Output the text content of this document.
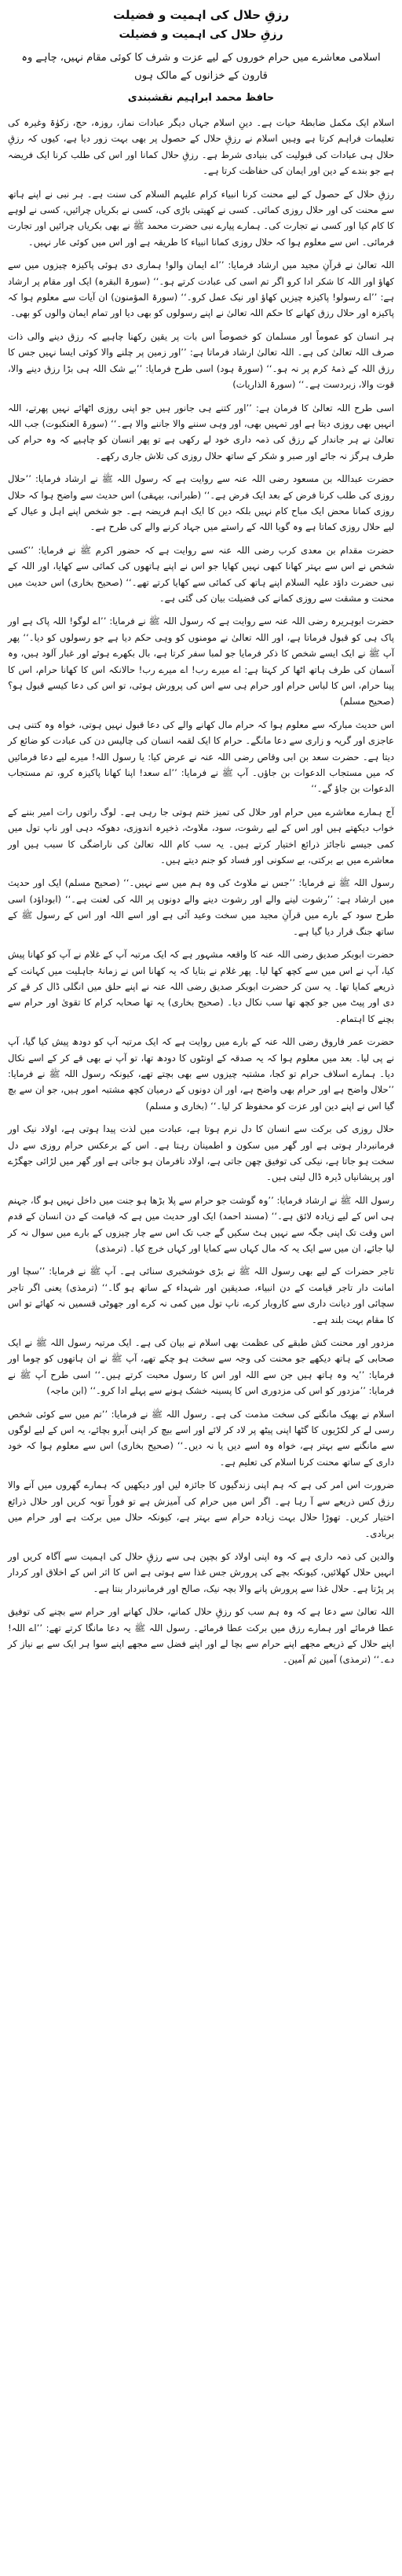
رزقِ حلال کی اہمیت و فضیلت
رزقِ حلال کی اہمیت و فضیلت
اسلامی معاشرے میں حرام خوروں کے لیے عزت و شرف کا کوئی مقام نہیں، چاہے وہ قارون کے خزانوں کے مالک ہوں
حافظ محمد ابراہیم نقشبندی

اسلام ایک مکمل ضابطۂ حیات ہے۔ دینِ اسلام جہاں دیگر عبادات نماز، روزہ، حج، زکوٰۃ وغیرہ کی تعلیمات فراہم کرتا ہے وہیں اسلام نے رزقِ حلال کے حصول پر بھی بہت زور دیا ہے، کیوں کہ رزقِ حلال ہی عبادات کی قبولیت کی بنیادی شرط ہے۔ رزقِ حلال کمانا اور اس کی طلب کرنا ایک فریضہ ہے جو بندے کے دین اور ایمان کی حفاظت کرتا ہے۔

رزقِ حلال کے حصول کے لیے محنت کرنا انبیاء کرام علیہم السلام کی سنت ہے۔ ہر نبی نے اپنے ہاتھ سے محنت کی اور حلال روزی کمائی۔ کسی نے کھیتی باڑی کی، کسی نے بکریاں چرائیں، کسی نے لوہے کا کام کیا اور کسی نے تجارت کی۔ ہمارے پیارے نبی حضرت محمد ﷺ نے بھی بکریاں چرائیں اور تجارت فرمائی۔ اس سے معلوم ہوا کہ حلال روزی کمانا انبیاء کا طریقہ ہے اور اس میں کوئی عار نہیں۔

اللہ تعالیٰ نے قرآنِ مجید میں ارشاد فرمایا: ’’اے ایمان والو! ہماری دی ہوئی پاکیزہ چیزوں میں سے کھاؤ اور اللہ کا شکر ادا کرو اگر تم اسی کی عبادت کرتے ہو۔‘‘ (سورۃ البقرہ) ایک اور مقام پر ارشاد ہے: ’’اے رسولو! پاکیزہ چیزیں کھاؤ اور نیک عمل کرو۔‘‘ (سورۃ المؤمنون) ان آیات سے معلوم ہوا کہ پاکیزہ اور حلال رزق کھانے کا حکم اللہ تعالیٰ نے اپنے رسولوں کو بھی دیا اور تمام ایمان والوں کو بھی۔

ہر انسان کو عموماً اور مسلمان کو خصوصاً اس بات پر یقین رکھنا چاہیے کہ رزق دینے والی ذات صرف اللہ تعالیٰ کی ہے۔ اللہ تعالیٰ ارشاد فرماتا ہے: ’’اور زمین پر چلنے والا کوئی ایسا نہیں جس کا رزق اللہ کے ذمۂ کرم پر نہ ہو۔‘‘ (سورۃ ہود) اسی طرح فرمایا: ’’بے شک اللہ ہی بڑا رزق دینے والا، قوت والا، زبردست ہے۔‘‘ (سورۃ الذاریات)

اسی طرح اللہ تعالیٰ کا فرمان ہے: ’’اور کتنے ہی جانور ہیں جو اپنی روزی اٹھائے نہیں پھرتے، اللہ انہیں بھی روزی دیتا ہے اور تمہیں بھی، اور وہی سننے والا جاننے والا ہے۔‘‘ (سورۃ العنکبوت) جب اللہ تعالیٰ نے ہر جاندار کے رزق کی ذمہ داری خود لے رکھی ہے تو پھر انسان کو چاہیے کہ وہ حرام کی طرف ہرگز نہ جائے اور صبر و شکر کے ساتھ حلال روزی کی تلاش جاری رکھے۔

حضرت عبداللہ بن مسعود رضی اللہ عنہ سے روایت ہے کہ رسول اللہ ﷺ نے ارشاد فرمایا: ’’حلال روزی کی طلب کرنا فرض کے بعد ایک فرض ہے۔‘‘ (طبرانی، بیہقی) اس حدیث سے واضح ہوا کہ حلال روزی کمانا محض ایک مباح کام نہیں بلکہ دین کا ایک اہم فریضہ ہے۔ جو شخص اپنے اہل و عیال کے لیے حلال روزی کماتا ہے وہ گویا اللہ کے راستے میں جہاد کرنے والے کی طرح ہے۔

حضرت مقدام بن معدی کرب رضی اللہ عنہ سے روایت ہے کہ حضور اکرم ﷺ نے فرمایا: ’’کسی شخص نے اس سے بہتر کھانا کبھی نہیں کھایا جو اس نے اپنے ہاتھوں کی کمائی سے کھایا، اور اللہ کے نبی حضرت داؤد علیہ السلام اپنے ہاتھ کی کمائی سے کھایا کرتے تھے۔‘‘ (صحیح بخاری) اس حدیث میں محنت و مشقت سے روزی کمانے کی فضیلت بیان کی گئی ہے۔

حضرت ابوہریرہ رضی اللہ عنہ سے روایت ہے کہ رسول اللہ ﷺ نے فرمایا: ’’اے لوگو! اللہ پاک ہے اور پاک ہی کو قبول فرماتا ہے، اور اللہ تعالیٰ نے مومنوں کو وہی حکم دیا ہے جو رسولوں کو دیا۔‘‘ پھر آپ ﷺ نے ایک ایسے شخص کا ذکر فرمایا جو لمبا سفر کرتا ہے، بال بکھرے ہوئے اور غبار آلود ہیں، وہ آسمان کی طرف ہاتھ اٹھا کر کہتا ہے: اے میرے رب! اے میرے رب! حالانکہ اس کا کھانا حرام، اس کا پینا حرام، اس کا لباس حرام اور حرام ہی سے اس کی پرورش ہوئی، تو اس کی دعا کیسے قبول ہو؟ (صحیح مسلم)

اس حدیث مبارکہ سے معلوم ہوا کہ حرام مال کھانے والے کی دعا قبول نہیں ہوتی، خواہ وہ کتنی ہی عاجزی اور گریہ و زاری سے دعا مانگے۔ حرام کا ایک لقمہ انسان کی چالیس دن کی عبادت کو ضائع کر دیتا ہے۔ حضرت سعد بن ابی وقاص رضی اللہ عنہ نے عرض کیا: یا رسول اللہ! میرے لیے دعا فرمائیں کہ میں مستجاب الدعوات بن جاؤں۔ آپ ﷺ نے فرمایا: ’’اے سعد! اپنا کھانا پاکیزہ کرو، تم مستجاب الدعوات بن جاؤ گے۔‘‘

آج ہمارے معاشرے میں حرام اور حلال کی تمیز ختم ہوتی جا رہی ہے۔ لوگ راتوں رات امیر بننے کے خواب دیکھتے ہیں اور اس کے لیے رشوت، سود، ملاوٹ، ذخیرہ اندوزی، دھوکہ دہی اور ناپ تول میں کمی جیسے ناجائز ذرائع اختیار کرتے ہیں۔ یہ سب کام اللہ تعالیٰ کی ناراضگی کا سبب ہیں اور معاشرے میں بے برکتی، بے سکونی اور فساد کو جنم دیتے ہیں۔

رسول اللہ ﷺ نے فرمایا: ’’جس نے ملاوٹ کی وہ ہم میں سے نہیں۔‘‘ (صحیح مسلم) ایک اور حدیث میں ارشاد ہے: ’’رشوت لینے والے اور رشوت دینے والے دونوں پر اللہ کی لعنت ہے۔‘‘ (ابوداؤد) اسی طرح سود کے بارے میں قرآنِ مجید میں سخت وعید آئی ہے اور اسے اللہ اور اس کے رسول ﷺ کے ساتھ جنگ قرار دیا گیا ہے۔

حضرت ابوبکر صدیق رضی اللہ عنہ کا واقعہ مشہور ہے کہ ایک مرتبہ آپ کے غلام نے آپ کو کھانا پیش کیا، آپ نے اس میں سے کچھ کھا لیا۔ پھر غلام نے بتایا کہ یہ کھانا اس نے زمانۂ جاہلیت میں کہانت کے ذریعے کمایا تھا۔ یہ سن کر حضرت ابوبکر صدیق رضی اللہ عنہ نے اپنے حلق میں انگلی ڈال کر قے کر دی اور پیٹ میں جو کچھ تھا سب نکال دیا۔ (صحیح بخاری) یہ تھا صحابہ کرام کا تقویٰ اور حرام سے بچنے کا اہتمام۔

حضرت عمر فاروق رضی اللہ عنہ کے بارے میں روایت ہے کہ ایک مرتبہ آپ کو دودھ پیش کیا گیا، آپ نے پی لیا۔ بعد میں معلوم ہوا کہ یہ صدقہ کے اونٹوں کا دودھ تھا، تو آپ نے بھی قے کر کے اسے نکال دیا۔ ہمارے اسلاف حرام تو کجا، مشتبہ چیزوں سے بھی بچتے تھے، کیونکہ رسول اللہ ﷺ نے فرمایا: ’’حلال واضح ہے اور حرام بھی واضح ہے، اور ان دونوں کے درمیان کچھ مشتبہ امور ہیں، جو ان سے بچ گیا اس نے اپنے دین اور عزت کو محفوظ کر لیا۔‘‘ (بخاری و مسلم)

حلال روزی کی برکت سے انسان کا دل نرم ہوتا ہے، عبادت میں لذت پیدا ہوتی ہے، اولاد نیک اور فرمانبردار ہوتی ہے اور گھر میں سکون و اطمینان رہتا ہے۔ اس کے برعکس حرام روزی سے دل سخت ہو جاتا ہے، نیکی کی توفیق چھن جاتی ہے، اولاد نافرمان ہو جاتی ہے اور گھر میں لڑائی جھگڑے اور پریشانیاں ڈیرہ ڈال لیتی ہیں۔

رسول اللہ ﷺ نے ارشاد فرمایا: ’’وہ گوشت جو حرام سے پلا بڑھا ہو جنت میں داخل نہیں ہو گا، جہنم ہی اس کے لیے زیادہ لائق ہے۔‘‘ (مسند احمد) ایک اور حدیث میں ہے کہ قیامت کے دن انسان کے قدم اس وقت تک اپنی جگہ سے نہیں ہٹ سکیں گے جب تک اس سے چار چیزوں کے بارے میں سوال نہ کر لیا جائے، ان میں سے ایک یہ کہ مال کہاں سے کمایا اور کہاں خرچ کیا۔ (ترمذی)

تاجر حضرات کے لیے بھی رسول اللہ ﷺ نے بڑی خوشخبری سنائی ہے۔ آپ ﷺ نے فرمایا: ’’سچا اور امانت دار تاجر قیامت کے دن انبیاء، صدیقین اور شہداء کے ساتھ ہو گا۔‘‘ (ترمذی) یعنی اگر تاجر سچائی اور دیانت داری سے کاروبار کرے، ناپ تول میں کمی نہ کرے اور جھوٹی قسمیں نہ کھائے تو اس کا مقام بہت بلند ہے۔

مزدور اور محنت کش طبقے کی عظمت بھی اسلام نے بیان کی ہے۔ ایک مرتبہ رسول اللہ ﷺ نے ایک صحابی کے ہاتھ دیکھے جو محنت کی وجہ سے سخت ہو چکے تھے، آپ ﷺ نے ان ہاتھوں کو چوما اور فرمایا: ’’یہ وہ ہاتھ ہیں جن سے اللہ اور اس کا رسول محبت کرتے ہیں۔‘‘ اسی طرح آپ ﷺ نے فرمایا: ’’مزدور کو اس کی مزدوری اس کا پسینہ خشک ہونے سے پہلے ادا کرو۔‘‘ (ابن ماجہ)

اسلام نے بھیک مانگنے کی سخت مذمت کی ہے۔ رسول اللہ ﷺ نے فرمایا: ’’تم میں سے کوئی شخص رسی لے کر لکڑیوں کا گٹھا اپنی پیٹھ پر لاد کر لائے اور اسے بیچ کر اپنی آبرو بچائے، یہ اس کے لیے لوگوں سے مانگنے سے بہتر ہے، خواہ وہ اسے دیں یا نہ دیں۔‘‘ (صحیح بخاری) اس سے معلوم ہوا کہ خود داری کے ساتھ محنت کرنا اسلام کی تعلیم ہے۔

ضرورت اس امر کی ہے کہ ہم اپنی زندگیوں کا جائزہ لیں اور دیکھیں کہ ہمارے گھروں میں آنے والا رزق کس ذریعے سے آ رہا ہے۔ اگر اس میں حرام کی آمیزش ہے تو فوراً توبہ کریں اور حلال ذرائع اختیار کریں۔ تھوڑا حلال بہت زیادہ حرام سے بہتر ہے، کیونکہ حلال میں برکت ہے اور حرام میں بربادی۔

والدین کی ذمہ داری ہے کہ وہ اپنی اولاد کو بچپن ہی سے رزقِ حلال کی اہمیت سے آگاہ کریں اور انہیں حلال کھلائیں، کیونکہ بچے کی پرورش جس غذا سے ہوتی ہے اس کا اثر اس کے اخلاق اور کردار پر پڑتا ہے۔ حلال غذا سے پرورش پانے والا بچہ نیک، صالح اور فرمانبردار بنتا ہے۔

اللہ تعالیٰ سے دعا ہے کہ وہ ہم سب کو رزقِ حلال کمانے، حلال کھانے اور حرام سے بچنے کی توفیق عطا فرمائے اور ہمارے رزق میں برکت عطا فرمائے۔ رسول اللہ ﷺ یہ دعا مانگا کرتے تھے: ’’اے اللہ! اپنے حلال کے ذریعے مجھے اپنے حرام سے بچا لے اور اپنے فضل سے مجھے اپنے سوا ہر ایک سے بے نیاز کر دے۔‘‘ (ترمذی) آمین ثم آمین۔
